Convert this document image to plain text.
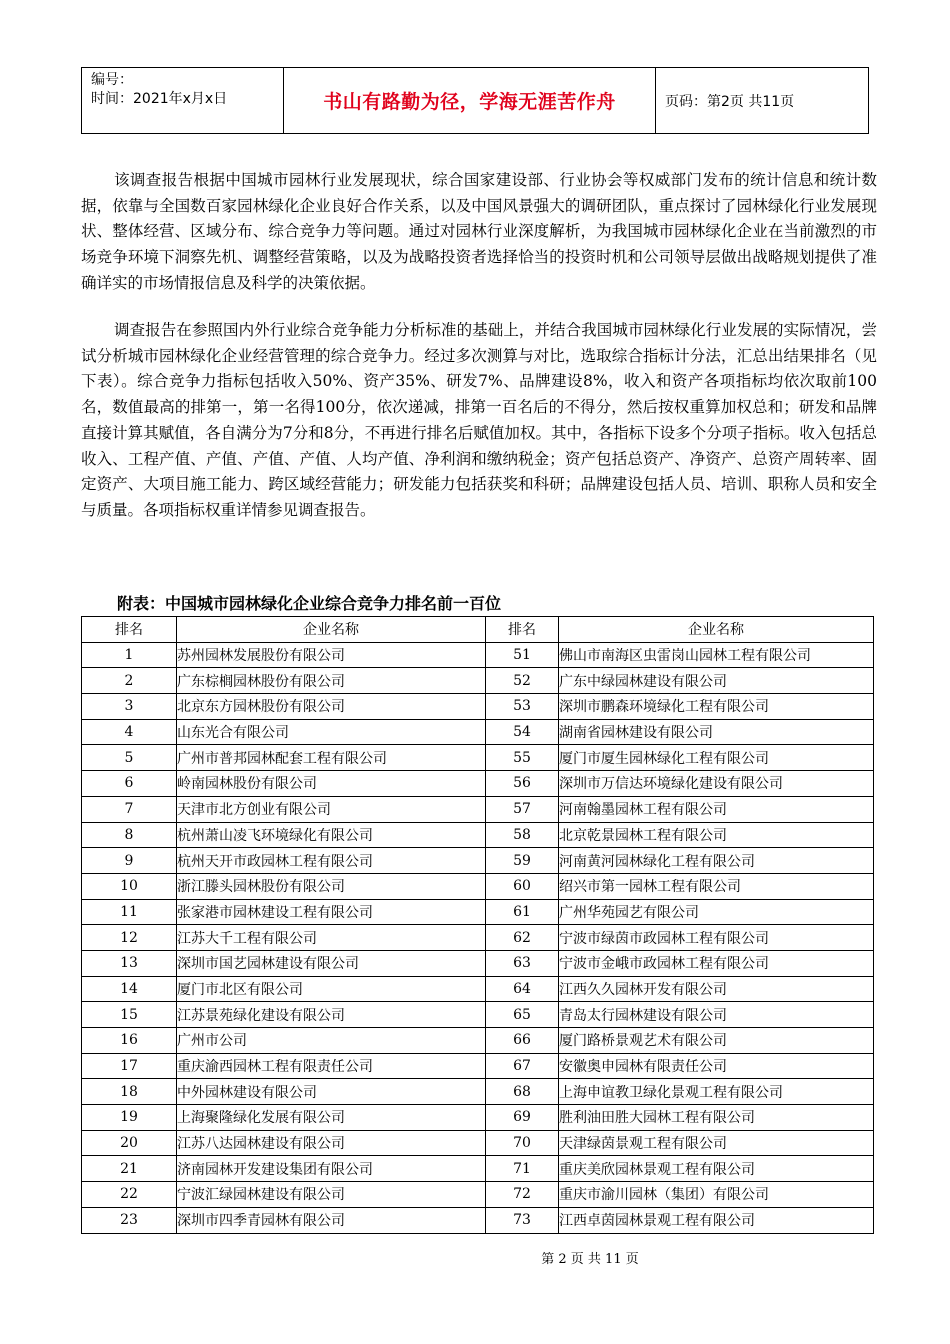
编号：
时间：2021年x月x日	书山有路勤为径，学海无涯苦作舟	页码：第2页 共11页

该调查报告根据中国城市园林行业发展现状，综合国家建设部、行业协会等权威部门发布的统计信息和统计数据，依靠与全国数百家园林绿化企业良好合作关系，以及中国风景强大的调研团队，重点探讨了园林绿化行业发展现状、整体经营、区域分布、综合竞争力等问题。通过对园林行业深度解析，为我国城市园林绿化企业在当前激烈的市场竞争环境下洞察先机、调整经营策略，以及为战略投资者选择恰当的投资时机和公司领导层做出战略规划提供了准确详实的市场情报信息及科学的决策依据。

调查报告在参照国内外行业综合竞争能力分析标准的基础上，并结合我国城市园林绿化行业发展的实际情况，尝试分析城市园林绿化企业经营管理的综合竞争力。经过多次测算与对比，选取综合指标计分法，汇总出结果排名（见下表）。综合竞争力指标包括收入50%、资产35%、研发7%、品牌建设8%，收入和资产各项指标均依次取前100名，数值最高的排第一，第一名得100分，依次递减，排第一百名后的不得分，然后按权重算加权总和；研发和品牌直接计算其赋值，各自满分为7分和8分，不再进行排名后赋值加权。其中，各指标下设多个分项子指标。收入包括总收入、工程产值、产值、产值、产值、人均产值、净利润和缴纳税金；资产包括总资产、净资产、总资产周转率、固定资产、大项目施工能力、跨区域经营能力；研发能力包括获奖和科研；品牌建设包括人员、培训、职称人员和安全与质量。各项指标权重详情参见调查报告。

附表：中国城市园林绿化企业综合竞争力排名前一百位
排名	企业名称	排名	企业名称
1	苏州园林发展股份有限公司	51	佛山市南海区虫雷岗山园林工程有限公司
2	广东棕榈园林股份有限公司	52	广东中绿园林建设有限公司
3	北京东方园林股份有限公司	53	深圳市鹏森环境绿化工程有限公司
4	山东光合有限公司	54	湖南省园林建设有限公司
5	广州市普邦园林配套工程有限公司	55	厦门市厦生园林绿化工程有限公司
6	岭南园林股份有限公司	56	深圳市万信达环境绿化建设有限公司
7	天津市北方创业有限公司	57	河南翰墨园林工程有限公司
8	杭州萧山凌飞环境绿化有限公司	58	北京乾景园林工程有限公司
9	杭州天开市政园林工程有限公司	59	河南黄河园林绿化工程有限公司
10	浙江滕头园林股份有限公司	60	绍兴市第一园林工程有限公司
11	张家港市园林建设工程有限公司	61	广州华苑园艺有限公司
12	江苏大千工程有限公司	62	宁波市绿茵市政园林工程有限公司
13	深圳市国艺园林建设有限公司	63	宁波市金峨市政园林工程有限公司
14	厦门市北区有限公司	64	江西久久园林开发有限公司
15	江苏景苑绿化建设有限公司	65	青岛太行园林建设有限公司
16	广州市公司	66	厦门路桥景观艺术有限公司
17	重庆渝西园林工程有限责任公司	67	安徽奥申园林有限责任公司
18	中外园林建设有限公司	68	上海申谊教卫绿化景观工程有限公司
19	上海聚隆绿化发展有限公司	69	胜利油田胜大园林工程有限公司
20	江苏八达园林建设有限公司	70	天津绿茵景观工程有限公司
21	济南园林开发建设集团有限公司	71	重庆美欣园林景观工程有限公司
22	宁波汇绿园林建设有限公司	72	重庆市渝川园林（集团）有限公司
23	深圳市四季青园林有限公司	73	江西卓茵园林景观工程有限公司
第 2 页 共 11 页
